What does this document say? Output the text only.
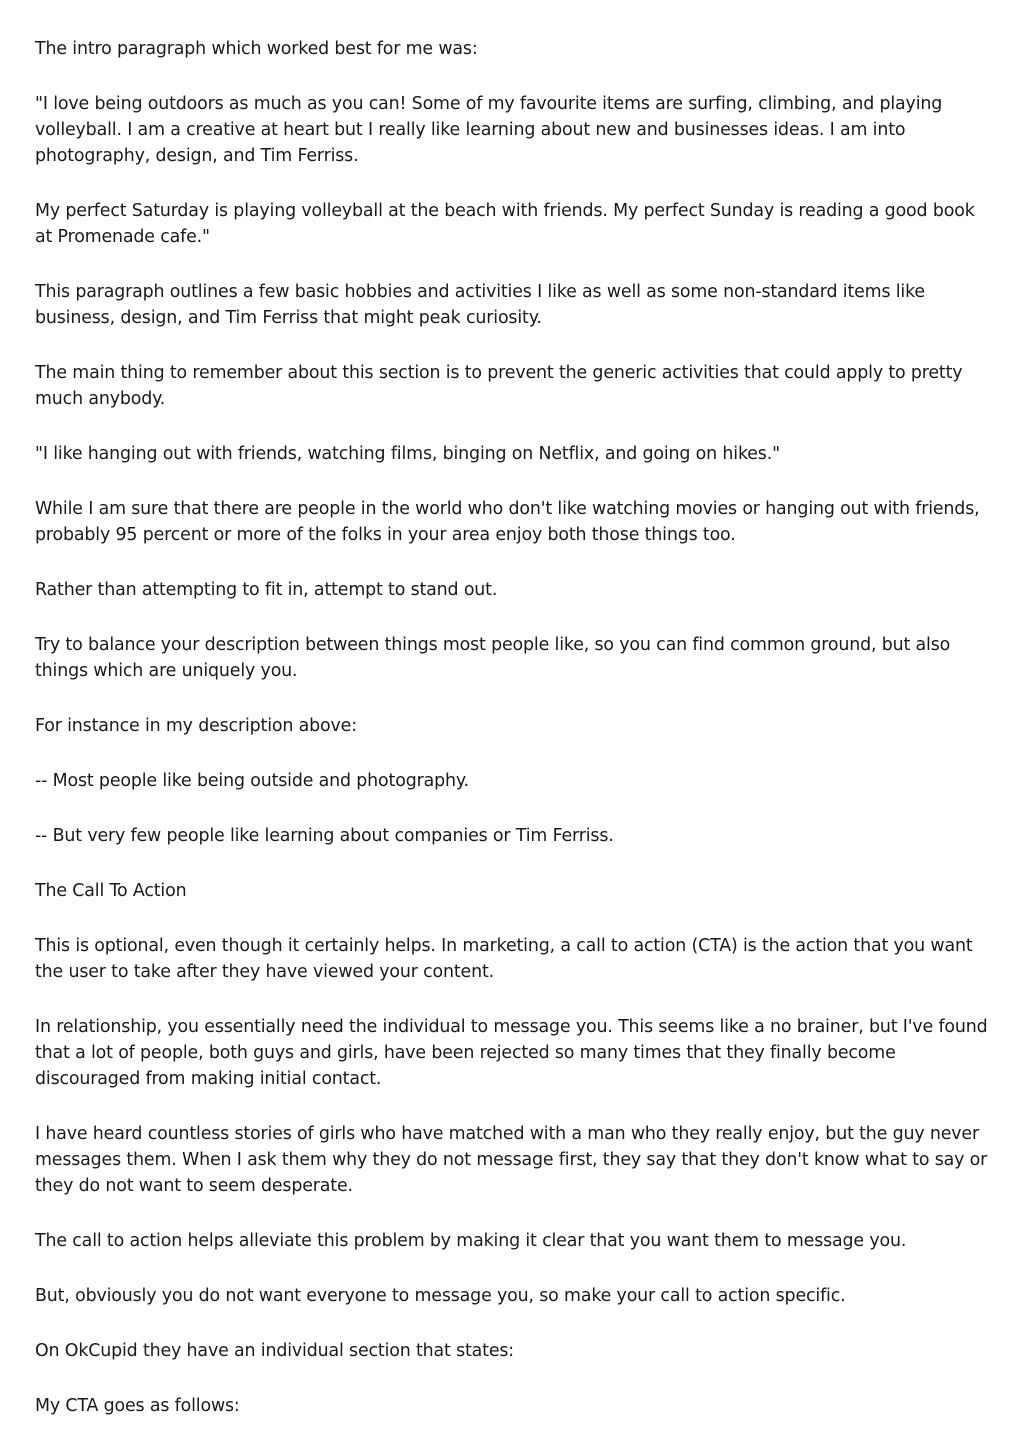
The intro paragraph which worked best for me was:

"I love being outdoors as much as you can! Some of my favourite items are surfing, climbing, and playing volleyball. I am a creative at heart but I really like learning about new and businesses ideas. I am into photography, design, and Tim Ferriss.

My perfect Saturday is playing volleyball at the beach with friends. My perfect Sunday is reading a good book at Promenade cafe."

This paragraph outlines a few basic hobbies and activities I like as well as some non-standard items like business, design, and Tim Ferriss that might peak curiosity.

The main thing to remember about this section is to prevent the generic activities that could apply to pretty much anybody.

"I like hanging out with friends, watching films, binging on Netflix, and going on hikes."

While I am sure that there are people in the world who don't like watching movies or hanging out with friends, probably 95 percent or more of the folks in your area enjoy both those things too.

Rather than attempting to fit in, attempt to stand out.

Try to balance your description between things most people like, so you can find common ground, but also things which are uniquely you.

For instance in my description above:

-- Most people like being outside and photography.

-- But very few people like learning about companies or Tim Ferriss.

The Call To Action

This is optional, even though it certainly helps. In marketing, a call to action (CTA) is the action that you want the user to take after they have viewed your content.

In relationship, you essentially need the individual to message you. This seems like a no brainer, but I've found that a lot of people, both guys and girls, have been rejected so many times that they finally become discouraged from making initial contact.

I have heard countless stories of girls who have matched with a man who they really enjoy, but the guy never messages them. When I ask them why they do not message first, they say that they don't know what to say or they do not want to seem desperate.

The call to action helps alleviate this problem by making it clear that you want them to message you.

But, obviously you do not want everyone to message you, so make your call to action specific.

On OkCupid they have an individual section that states:

My CTA goes as follows:
